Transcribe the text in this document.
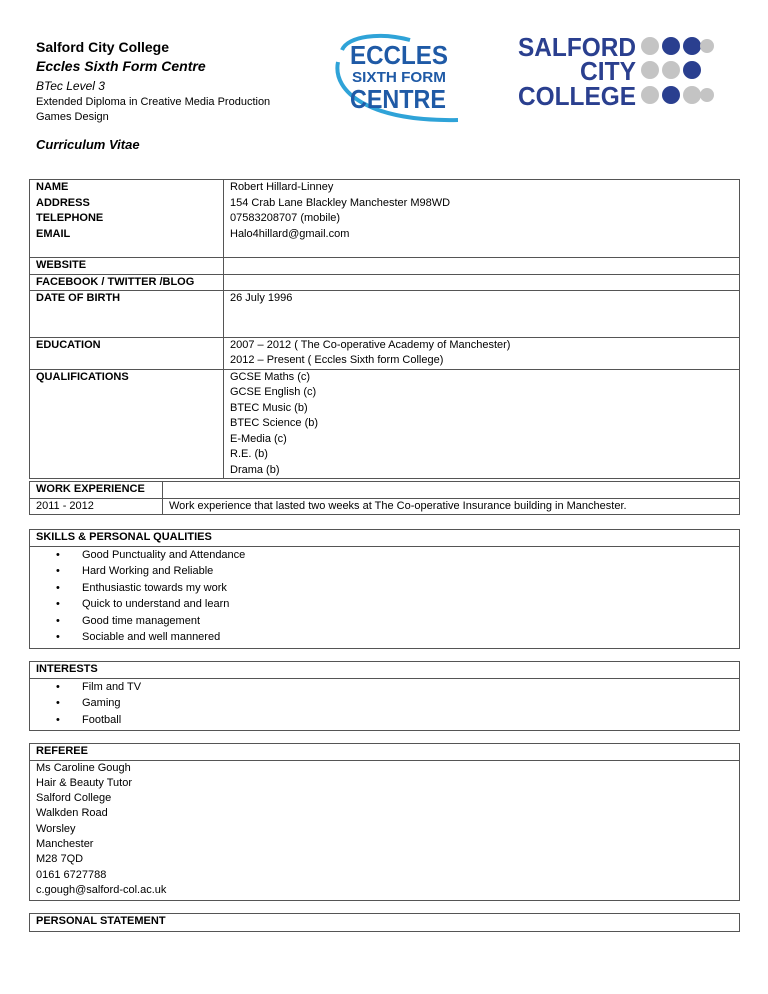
Salford City College
Eccles Sixth Form Centre
BTec Level 3
Extended Diploma in Creative Media Production
Games Design
Curriculum Vitae
ECCLES
SIXTH FORM
CENTRE
SALFORD
CITY
COLLEGE
NAME	Robert Hillard-Linney
ADDRESS	154 Crab Lane Blackley Manchester M98WD
TELEPHONE	07583208707 (mobile)
EMAIL	Halo4hillard@gmail.com
WEBSITE
FACEBOOK / TWITTER /BLOG
DATE OF BIRTH	26 July 1996
EDUCATION	2007 – 2012 ( The Co-operative Academy of Manchester)
2012 – Present ( Eccles Sixth form College)
QUALIFICATIONS	GCSE Maths (c)
GCSE English (c)
BTEC Music (b)
BTEC Science (b)
E-Media (c)
R.E. (b)
Drama (b)
WORK EXPERIENCE
2011 - 2012	Work experience that lasted two weeks at The Co-operative Insurance building in Manchester.
SKILLS & PERSONAL QUALITIES
• Good Punctuality and Attendance
• Hard Working and Reliable
• Enthusiastic towards my work
• Quick to understand and learn
• Good time management
• Sociable and well mannered
INTERESTS
• Film and TV
• Gaming
• Football
REFEREE
Ms Caroline Gough
Hair & Beauty Tutor
Salford College
Walkden Road
Worsley
Manchester
M28 7QD
0161 6727788
c.gough@salford-col.ac.uk
PERSONAL STATEMENT
